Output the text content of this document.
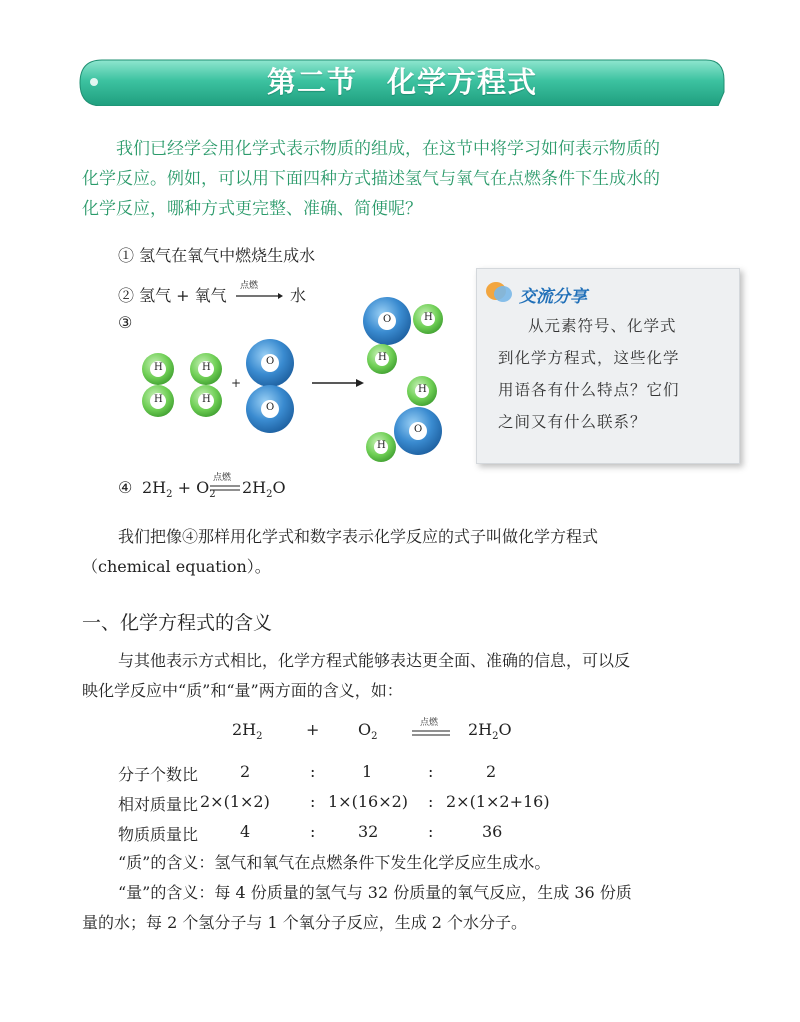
第二节　化学方程式
我们已经学会用化学式表示物质的组成，在这节中将学习如何表示物质的
化学反应。例如，可以用下面四种方式描述氢气与氧气在点燃条件下生成水的
化学反应，哪种方式更完整、准确、简便呢？
① 氢气在氧气中燃烧生成水
② 氢气 + 氧气 点燃 水
③
H
H
H
H
+
O
O
O	H
H
H
O
H
交流分享
从元素符号、化学式
到化学方程式，这些化学
用语各有什么特点？它们
之间又有什么联系？
④ $2H_2 + O_2$
点燃 $2H_2O$
我们把像④那样用化学式和数字表示化学反应的式子叫做化学方程式
（chemical equation）。
一、化学方程式的含义
与其他表示方式相比，化学方程式能够表达更全面、准确的信息，可以反
映化学反应中“质”和“量”两方面的含义，如：
$2H_2$	+ $O_2$
点燃 $2H_2O$
分子个数比	2	:	1	:	2
相对质量比 2×(1×2)	: 1×(16×2) : 2×(1×2+16)
物质质量比	4	:	32	:	36
“质”的含义：氢气和氧气在点燃条件下发生化学反应生成水。
“量”的含义：每 4 份质量的氢气与 32 份质量的氧气反应，生成 36 份质
量的水；每 2 个氢分子与 1 个氧分子反应，生成 2 个水分子。
